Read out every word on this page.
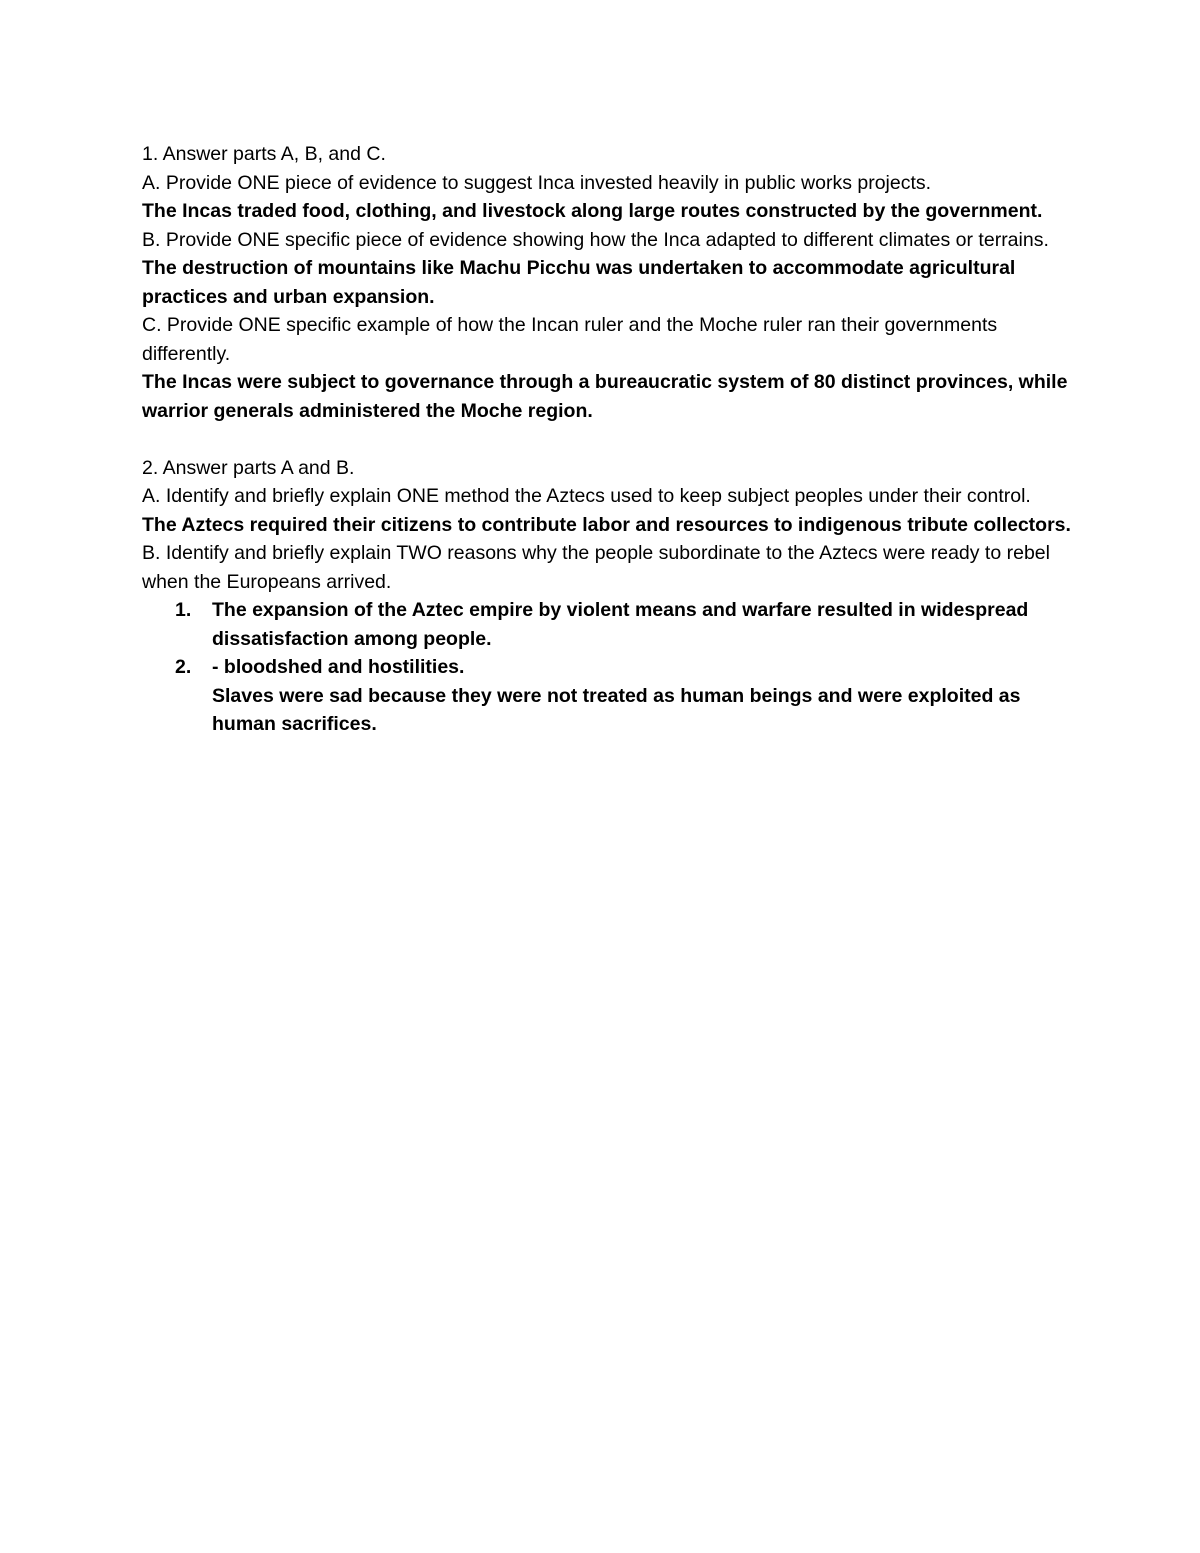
1. Answer parts A, B, and C.

A. Provide ONE piece of evidence to suggest Inca invested heavily in public works projects.

The Incas traded food, clothing, and livestock along large routes constructed by the government.

B. Provide ONE specific piece of evidence showing how the Inca adapted to different climates or terrains.

The destruction of mountains like Machu Picchu was undertaken to accommodate agricultural practices and urban expansion.

C. Provide ONE specific example of how the Incan ruler and the Moche ruler ran their governments differently.

The Incas were subject to governance through a bureaucratic system of 80 distinct provinces, while warrior generals administered the Moche region.

2. Answer parts A and B.

A. Identify and briefly explain ONE method the Aztecs used to keep subject peoples under their control.

The Aztecs required their citizens to contribute labor and resources to indigenous tribute collectors.

B. Identify and briefly explain TWO reasons why the people subordinate to the Aztecs were ready to rebel when the Europeans arrived.

1. The expansion of the Aztec empire by violent means and warfare resulted in widespread dissatisfaction among people.
2. - bloodshed and hostilities.
Slaves were sad because they were not treated as human beings and were exploited as human sacrifices.
